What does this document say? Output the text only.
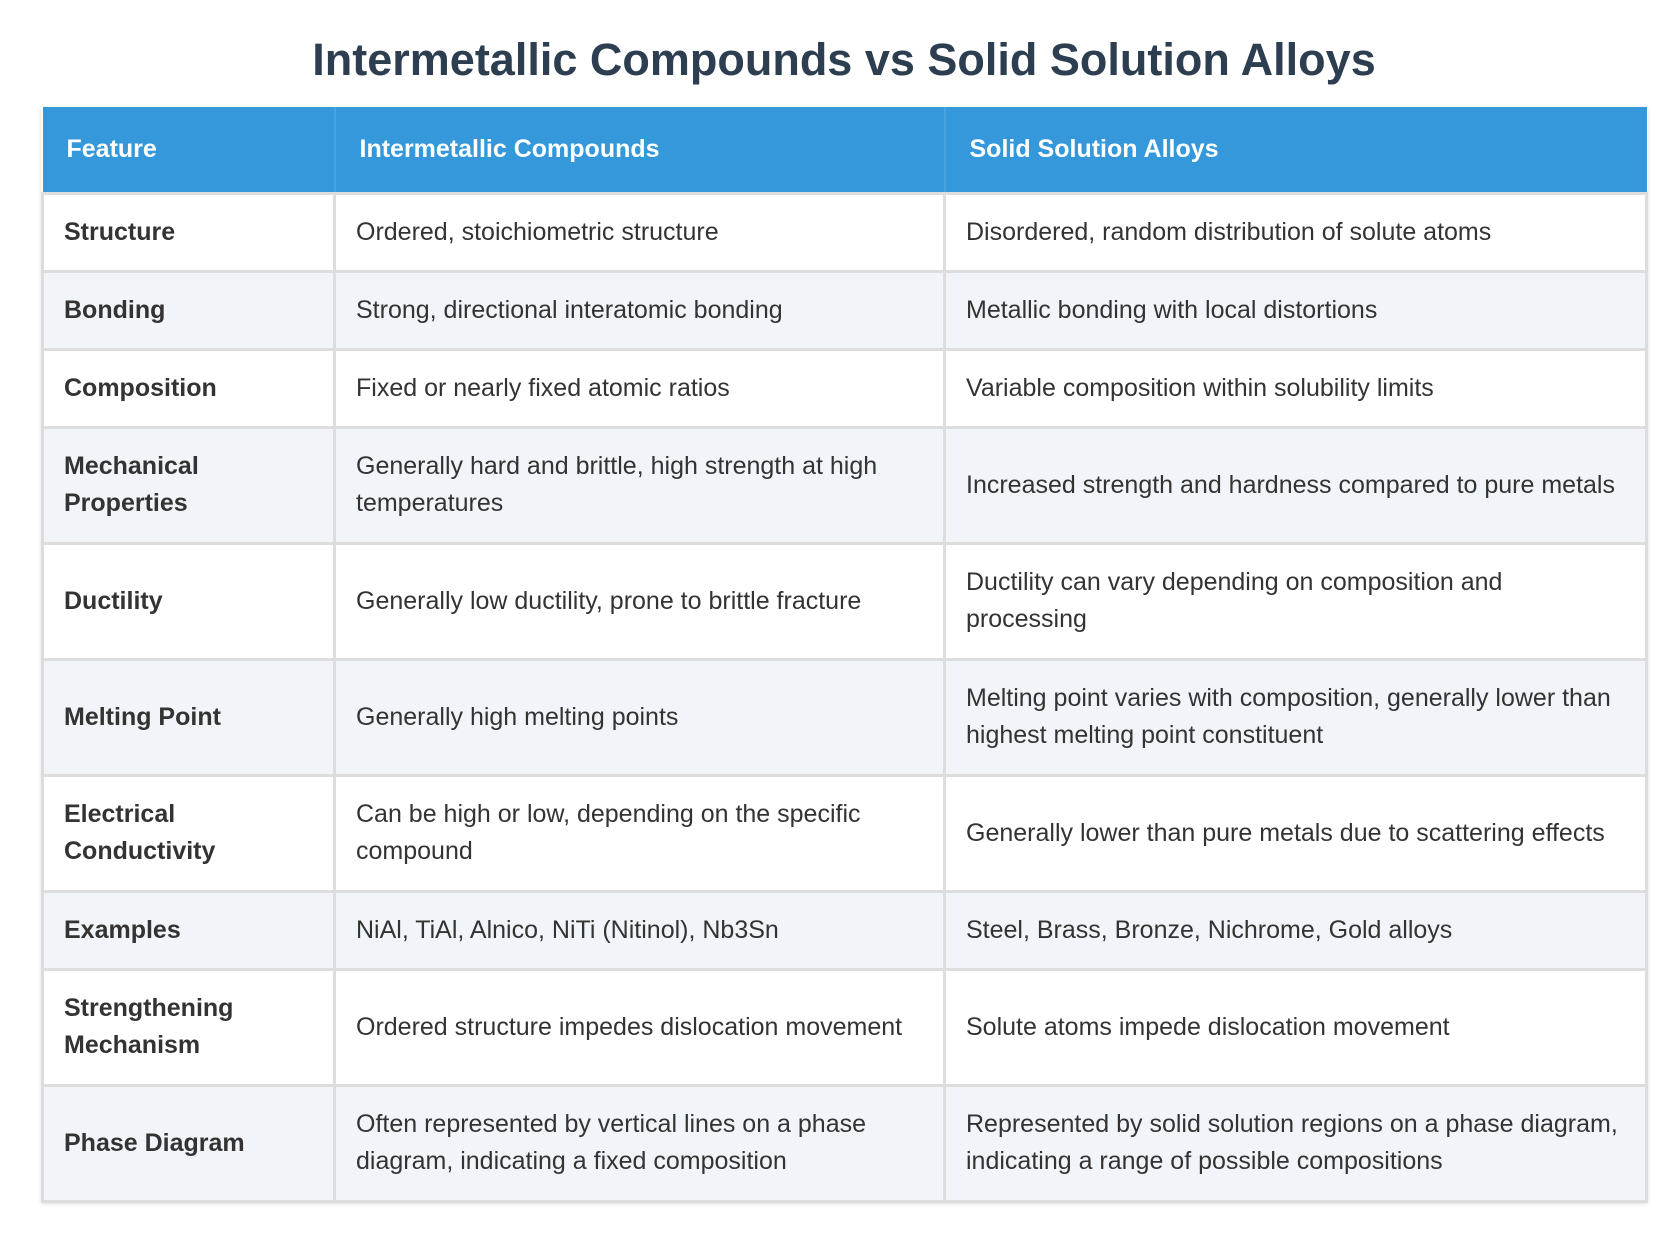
Intermetallic Compounds vs Solid Solution Alloys
Feature	Intermetallic Compounds	Solid Solution Alloys
Structure	Ordered, stoichiometric structure	Disordered, random distribution of solute atoms
Bonding	Strong, directional interatomic bonding	Metallic bonding with local distortions
Composition	Fixed or nearly fixed atomic ratios	Variable composition within solubility limits
Mechanical Properties	Generally hard and brittle, high strength at high temperatures	Increased strength and hardness compared to pure metals
Ductility	Generally low ductility, prone to brittle fracture	Ductility can vary depending on composition and processing
Melting Point	Generally high melting points	Melting point varies with composition, generally lower than highest melting point constituent
Electrical Conductivity	Can be high or low, depending on the specific compound	Generally lower than pure metals due to scattering effects
Examples	NiAl, TiAl, Alnico, NiTi (Nitinol), Nb3Sn	Steel, Brass, Bronze, Nichrome, Gold alloys
Strengthening Mechanism	Ordered structure impedes dislocation movement	Solute atoms impede dislocation movement
Phase Diagram	Often represented by vertical lines on a phase diagram, indicating a fixed composition	Represented by solid solution regions on a phase diagram, indicating a range of possible compositions
